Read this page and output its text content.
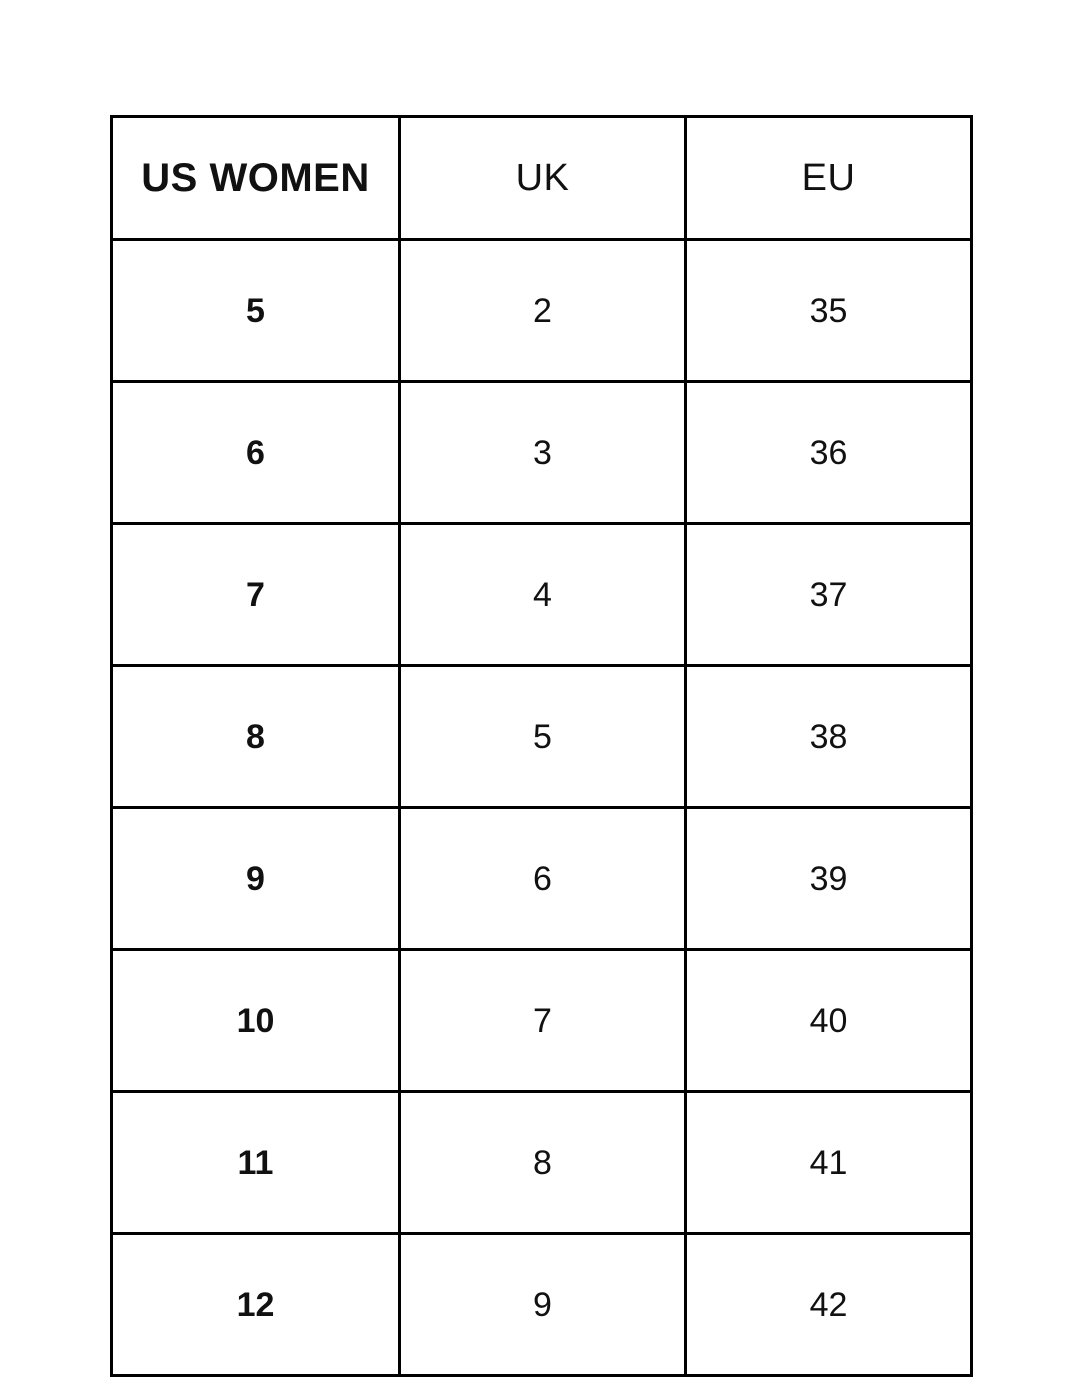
US WOMEN	UK	EU
5	2	35
6	3	36
7	4	37
8	5	38
9	6	39
10	7	40
11	8	41
12	9	42
